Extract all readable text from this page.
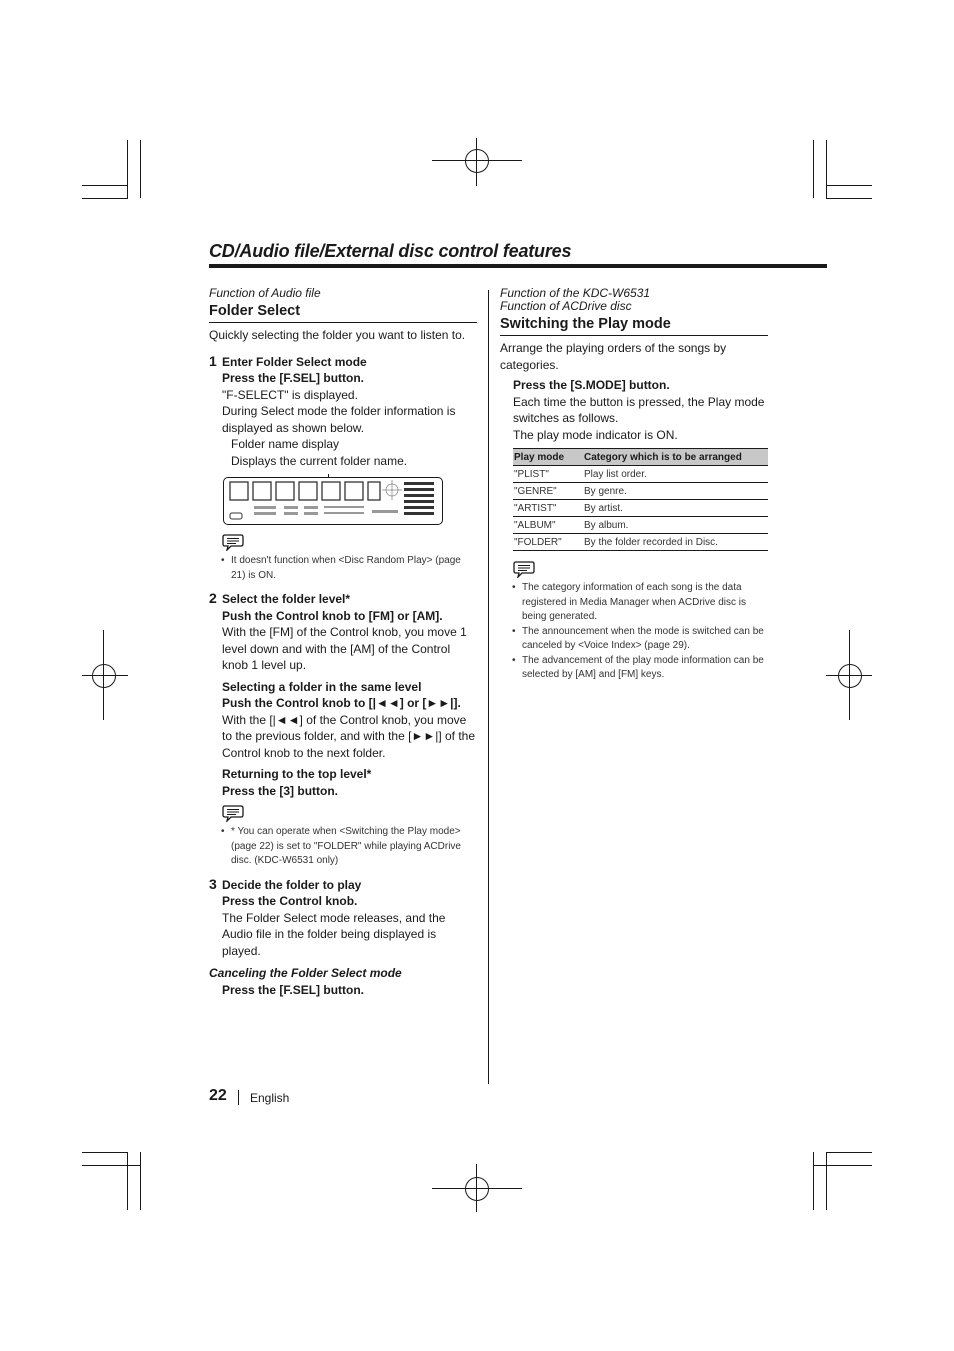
CD/Audio file/External disc control features
Function of Audio file
Folder Select
Quickly selecting the folder you want to listen to.
1 Enter Folder Select mode
Press the [F.SEL] button.
"F-SELECT" is displayed.
During Select mode the folder information is displayed as shown below.
Folder name display
Displays the current folder name.
• It doesn't function when <Disc Random Play> (page 21) is ON.
2 Select the folder level*
Push the Control knob to [FM] or [AM].
With the [FM] of the Control knob, you move 1 level down and with the [AM] of the Control knob 1 level up.
Selecting a folder in the same level
Push the Control knob to [|◄◄] or [►►|].
With the [|◄◄] of the Control knob, you move to the previous folder, and with the [►►|] of the Control knob to the next folder.
Returning to the top level*
Press the [3] button.
• * You can operate when <Switching the Play mode> (page 22) is set to "FOLDER" while playing ACDrive disc. (KDC-W6531 only)
3 Decide the folder to play
Press the Control knob.
The Folder Select mode releases, and the Audio file in the folder being displayed is played.
Canceling the Folder Select mode
Press the [F.SEL] button.
Function of the KDC-W6531
Function of ACDrive disc
Switching the Play mode
Arrange the playing orders of the songs by categories.
Press the [S.MODE] button.
Each time the button is pressed, the Play mode switches as follows.
The play mode indicator is ON.
Play mode	Category which is to be arranged
"PLIST"	Play list order.
"GENRE"	By genre.
"ARTIST"	By artist.
"ALBUM"	By album.
"FOLDER"	By the folder recorded in Disc.
• The category information of each song is the data registered in Media Manager when ACDrive disc is being generated.
• The announcement when the mode is switched can be canceled by <Voice Index> (page 29).
• The advancement of the play mode information can be selected by [AM] and [FM] keys.
22 English
